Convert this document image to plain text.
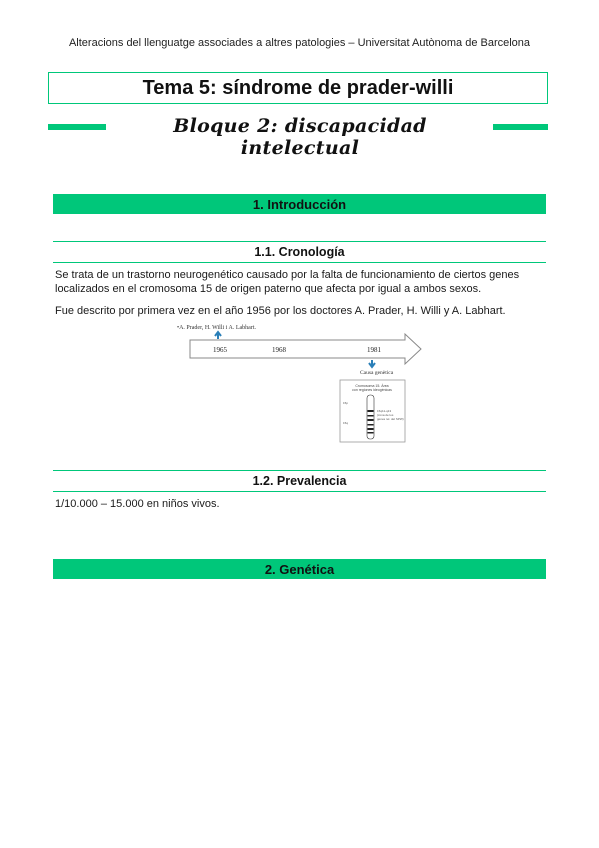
Alteracions del llenguatge associades a altres patologies – Universitat Autònoma de Barcelona
Tema 5: síndrome de prader-willi
Bloque 2: discapacidad intelectual
1. Introducción
1.1. Cronología
Se trata de un trastorno neurogenético causado por la falta de funcionamiento de ciertos genes
localizados en el cromosoma 15 de origen paterno que afecta por igual a ambos sexos.
Fue descrito por primera vez en el año 1956 por los doctores A. Prader, H. Willi y A. Labhart.
•A. Prader, H. Willi i A. Labhart.
1965	1968	1981
Causa genètica
Cromosoma 15. Área
con regiones ideogénicas
15p
15q
15q11-q13
(zona de los
genes rel. del SPW)
1.2. Prevalencia
1/10.000 – 15.000 en niños vivos.
2. Genética
